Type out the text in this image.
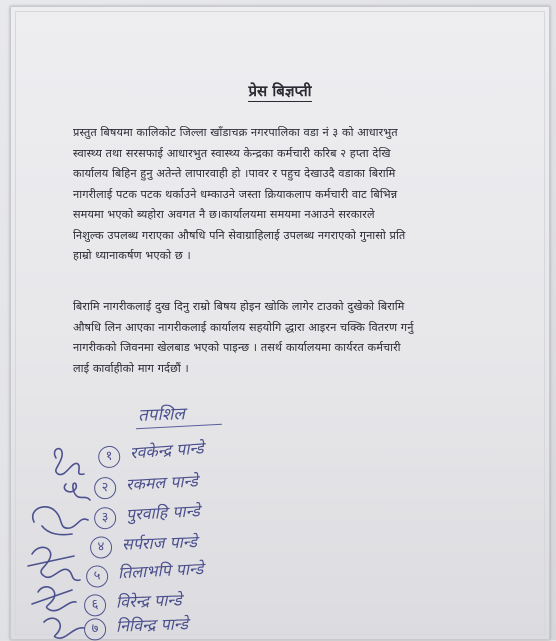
प्रेस बिज्ञप्ती
प्रस्तुत बिषयमा कालिकोट जिल्ला खाँडाचक्र नगरपालिका वडा नं ३ को आधारभुत
स्वास्थ्य तथा सरसफाई आधारभुत स्वास्थ्य केन्द्रका कर्मचारी करिब २ हप्ता देखि
कार्यालय बिहिन हुनु अतेन्ते लापारवाही हो ।पावर र पहुच देखाउदै वडाका बिरामि
नागरीलाई पटक पटक थर्काउने धम्काउने जस्ता क्रियाकलाप कर्मचारी वाट बिभिन्न
समयमा भएको ब्यहोरा अवगत नै छ।कार्यालयमा समयमा नआउने सरकारले
निशुल्क उपलब्ध गराएका औषधि पनि सेवाग्राहिलाई उपलब्ध नगराएको गुनासो प्रति
हाम्रो ध्यानाकर्षण भएको छ ।
बिरामि नागरीकलाई दुख दिनु राम्रो बिषय होइन खोकि लागेर टाउको दुखेको बिरामि
औषधि लिन आएका नागरीकलाई कार्यालय सहयोगि द्धारा आइरन चक्कि वितरण गर्नु
नागरीकको जिवनमा खेलबाड भएको पाइन्छ । तसर्थ कार्यालयमा कार्यरत कर्मचारी
लाई कार्वाहीको माग गर्दछौं ।
तपशिल
१ रवकेन्द्र पान्डे
२ रकमल पान्डे
३ पुरवाहि पान्डे
४ सर्पराज पान्डे
५ तिलाभपि पान्डे
६ विरेन्द्र पान्डे
७ निविन्द्र पान्डे
